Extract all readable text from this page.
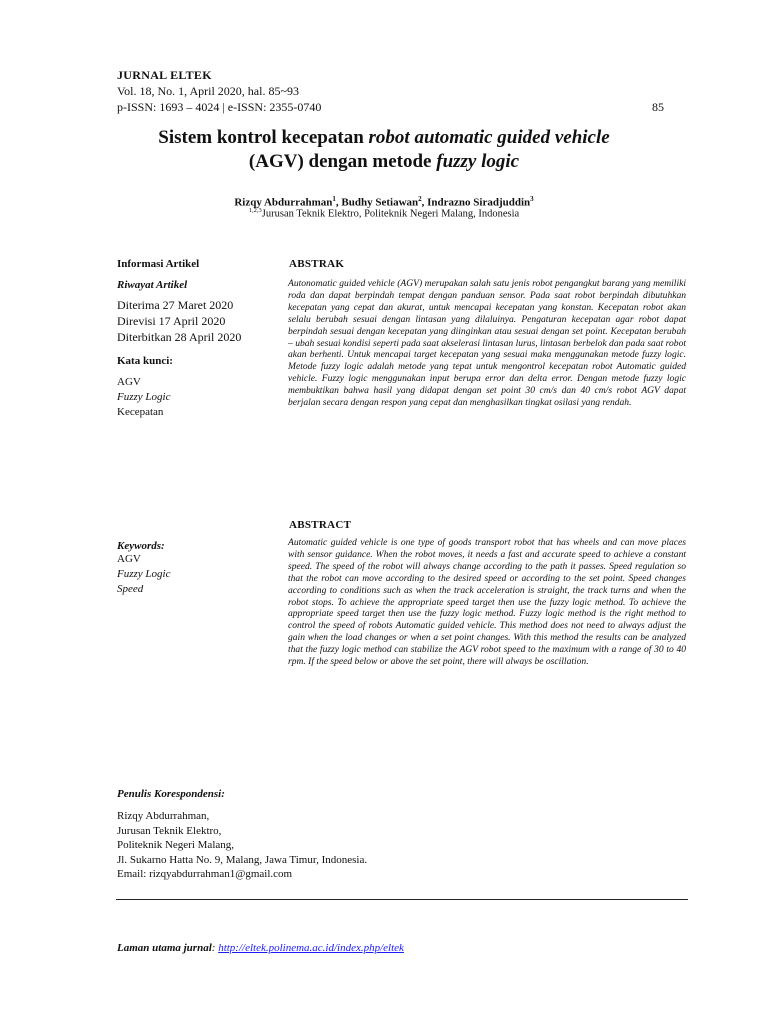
JURNAL ELTEK
Vol. 18, No. 1, April 2020, hal. 85~93
p-ISSN: 1693 – 4024 | e-ISSN: 2355-0740	85
Sistem kontrol kecepatan robot automatic guided vehicle
(AGV) dengan metode fuzzy logic
Rizqy Abdurrahman$^1$, Budhy Setiawan$^2$, Indrazno Siradjuddin$^3$
$^{1,2,3}$Jurusan Teknik Elektro, Politeknik Negeri Malang, Indonesia
Informasi Artikel
Riwayat Artikel
Diterima 27 Maret 2020
Direvisi 17 April 2020
Diterbitkan 28 April 2020
Kata kunci:
AGV
Fuzzy Logic
Kecepatan
Keywords:
AGV
Fuzzy Logic
Speed
ABSTRAK
Autonomatic guided vehicle (AGV) merupakan salah satu jenis robot pengangkut barang yang memiliki roda dan dapat berpindah tempat dengan panduan sensor. Pada saat robot berpindah dibutuhkan kecepatan yang cepat dan akurat, untuk mencapai kecepatan yang konstan. Kecepatan robot akan selalu berubah sesuai dengan lintasan yang dilaluinya. Pengaturan kecepatan agar robot dapat berpindah sesuai dengan kecepatan yang diinginkan atau sesuai dengan set point. Kecepatan berubah – ubah sesuai kondisi seperti pada saat akselerasi lintasan lurus, lintasan berbelok dan pada saat robot akan berhenti. Untuk mencapai target kecepatan yang sesuai maka menggunakan metode fuzzy logic. Metode fuzzy logic adalah metode yang tepat untuk mengontrol kecepatan robot Automatic guided vehicle. Fuzzy logic menggunakan input berupa error dan delta error. Dengan metode fuzzy logic membuktikan bahwa hasil yang didapat dengan set point 30 cm/s dan 40 cm/s robot AGV dapat berjalan secara dengan respon yang cepat dan menghasilkan tingkat osilasi yang rendah.
ABSTRACT
Automatic guided vehicle is one type of goods transport robot that has wheels and can move places with sensor guidance. When the robot moves, it needs a fast and accurate speed to achieve a constant speed. The speed of the robot will always change according to the path it passes. Speed regulation so that the robot can move according to the desired speed or according to the set point. Speed changes according to conditions such as when the track acceleration is straight, the track turns and when the robot stops. To achieve the appropriate speed target then use the fuzzy logic method. To achieve the appropriate speed target then use the fuzzy logic method. Fuzzy logic method is the right method to control the speed of robots Automatic guided vehicle. This method does not need to always adjust the gain when the load changes or when a set point changes. With this method the results can be analyzed that the fuzzy logic method can stabilize the AGV robot speed to the maximum with a range of 30 to 40 rpm. If the speed below or above the set point, there will always be oscillation.
Penulis Korespondensi:
Rizqy Abdurrahman,
Jurusan Teknik Elektro,
Politeknik Negeri Malang,
Jl. Sukarno Hatta No. 9, Malang, Jawa Timur, Indonesia.
Email: rizqyabdurrahman1@gmail.com
Laman utama jurnal: http://eltek.polinema.ac.id/index.php/eltek
